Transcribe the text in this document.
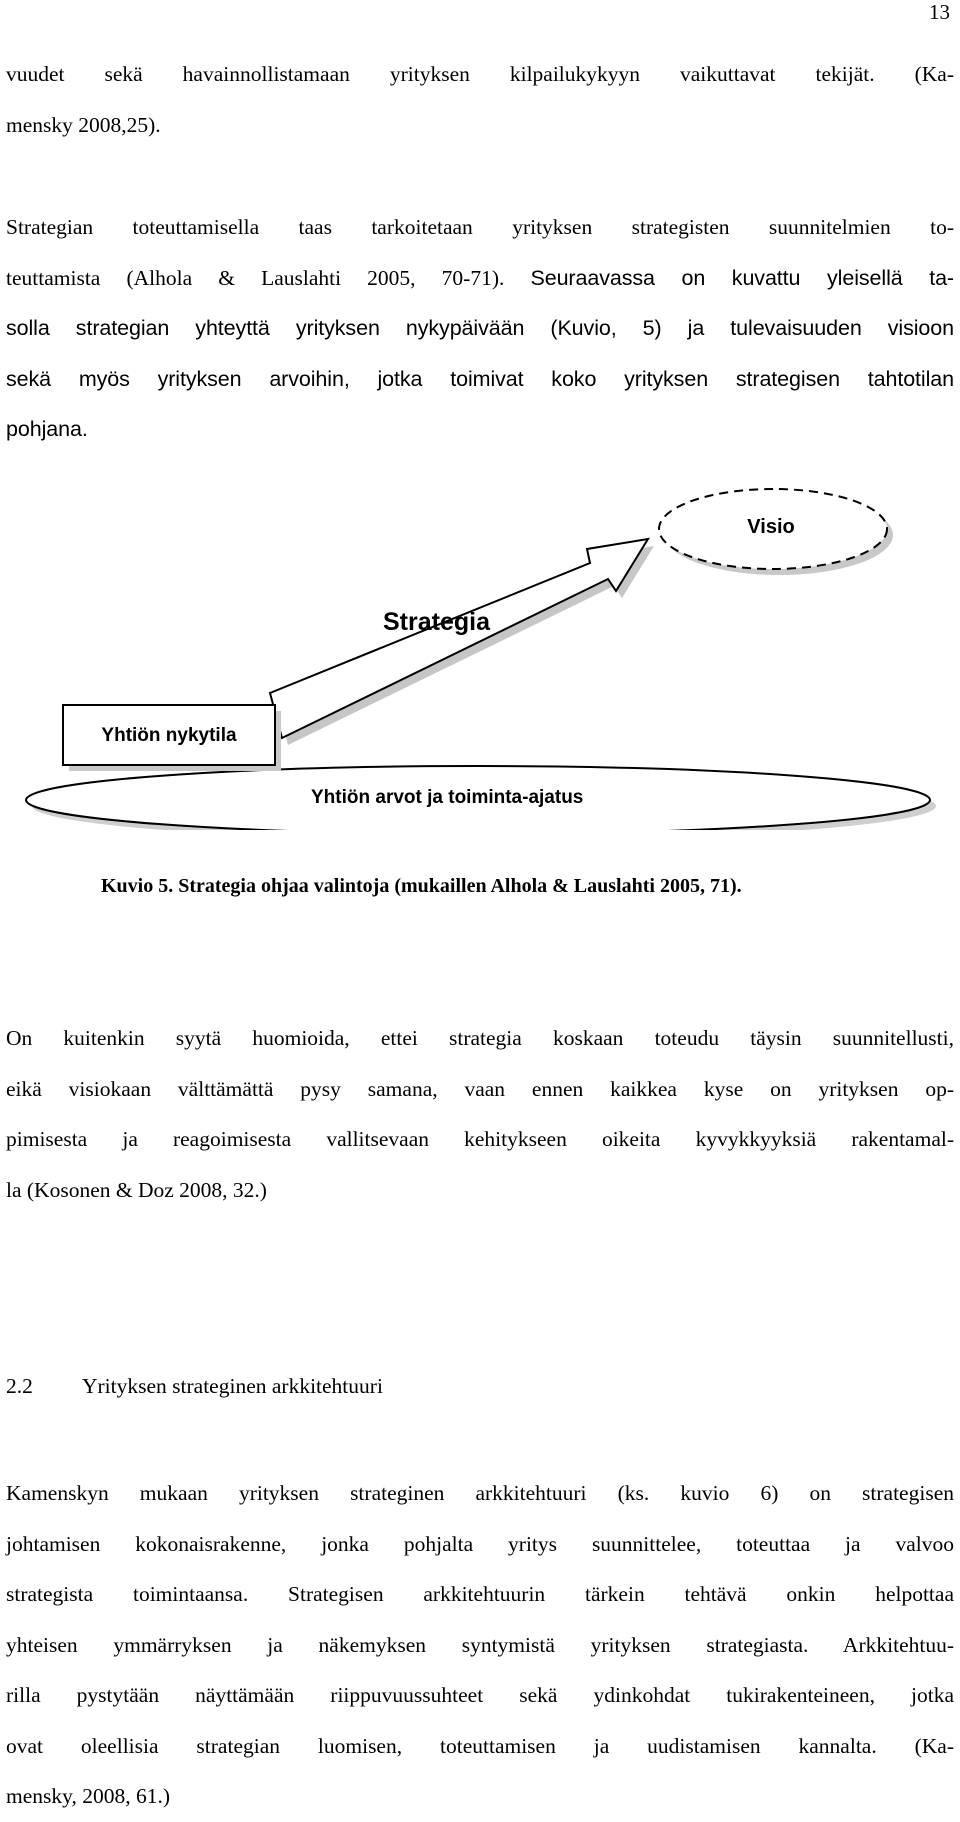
13
vuudet sekä havainnollistamaan yrityksen kilpailukykyyn vaikuttavat tekijät. (Ka-
mensky 2008,25).
Strategian toteuttamisella taas tarkoitetaan yrityksen strategisten suunnitelmien to-
teuttamista (Alhola & Lauslahti 2005, 70-71). Seuraavassa on kuvattu yleisellä ta-
solla strategian yhteyttä yrityksen nykypäivään (Kuvio, 5) ja tulevaisuuden visioon
sekä myös yrityksen arvoihin, jotka toimivat koko yrityksen strategisen tahtotilan
pohjana.
Visio
Yhtiön arvot ja toiminta-ajatus
Strategia
Yhtiön nykytila
Kuvio 5. Strategia ohjaa valintoja (mukaillen Alhola & Lauslahti 2005, 71).
On kuitenkin syytä huomioida, ettei strategia koskaan toteudu täysin suunnitellusti,
eikä visiokaan välttämättä pysy samana, vaan ennen kaikkea kyse on yrityksen op-
pimisesta ja reagoimisesta vallitsevaan kehitykseen oikeita kyvykkyyksiä rakentamal-
la (Kosonen & Doz 2008, 32.)
2.2 Yrityksen strateginen arkkitehtuuri
Kamenskyn mukaan yrityksen strateginen arkkitehtuuri (ks. kuvio 6) on strategisen
johtamisen kokonaisrakenne, jonka pohjalta yritys suunnittelee, toteuttaa ja valvoo
strategista toimintaansa. Strategisen arkkitehtuurin tärkein tehtävä onkin helpottaa
yhteisen ymmärryksen ja näkemyksen syntymistä yrityksen strategiasta. Arkkitehtuu-
rilla pystytään näyttämään riippuvuussuhteet sekä ydinkohdat tukirakenteineen, jotka
ovat oleellisia strategian luomisen, toteuttamisen ja uudistamisen kannalta. (Ka-
mensky, 2008, 61.)
